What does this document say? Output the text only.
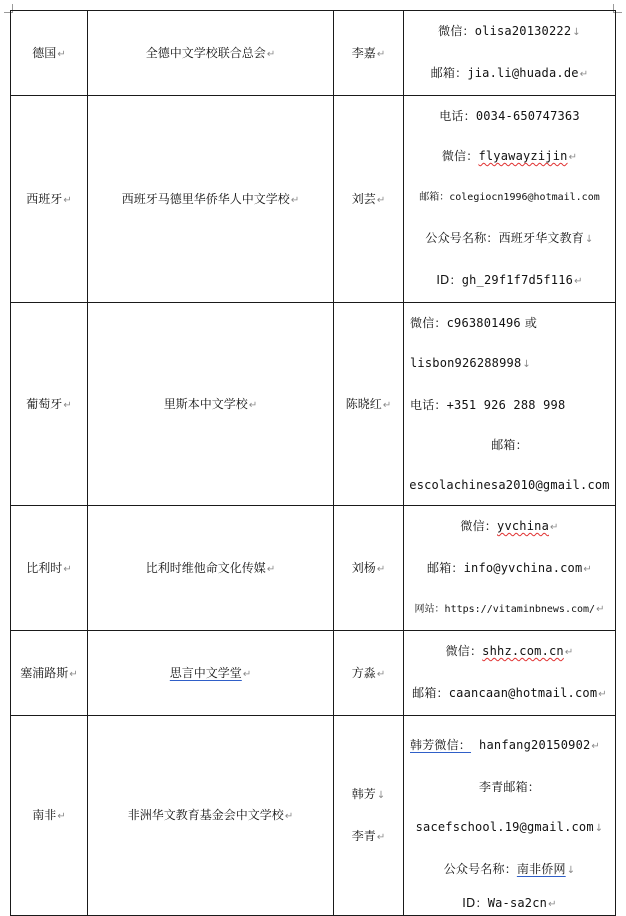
德国↵	全德中文学校联合总会↵	李嘉↵	微信：olisa20130222↓
邮箱：jia.li@huada.de↵

西班牙↵	西班牙马德里华侨华人中文学校↵	刘芸↵	电话：0034-650747363
微信：flyawayzijin↵
邮箱：colegiocn1996@hotmail.com
公众号名称：西班牙华文教育↓
ID：gh_29f1f7d5f116↵

葡萄牙↵	里斯本中文学校↵	陈晓红↵	微信：c963801496 或
lisbon926288998↓
电话：+351 926 288 998
邮箱：
escolachinesa2010@gmail.com

比利时↵	比利时维他命文化传媒↵	刘杨↵	微信：yvchina↵
邮箱：info@yvchina.com↵
网站：https://vitaminbnews.com/↵

塞浦路斯↵	思言中文学堂↵	方淼↵	微信：shhz.com.cn↵
邮箱：caancaan@hotmail.com↵

南非↵	非洲华文教育基金会中文学校↵	韩芳↓
李青↵	韩芳微信： hanfang20150902↵
李青邮箱：
sacefschool.19@gmail.com↓
公众号名称：南非侨网↓
ID：Wa-sa2cn↵
